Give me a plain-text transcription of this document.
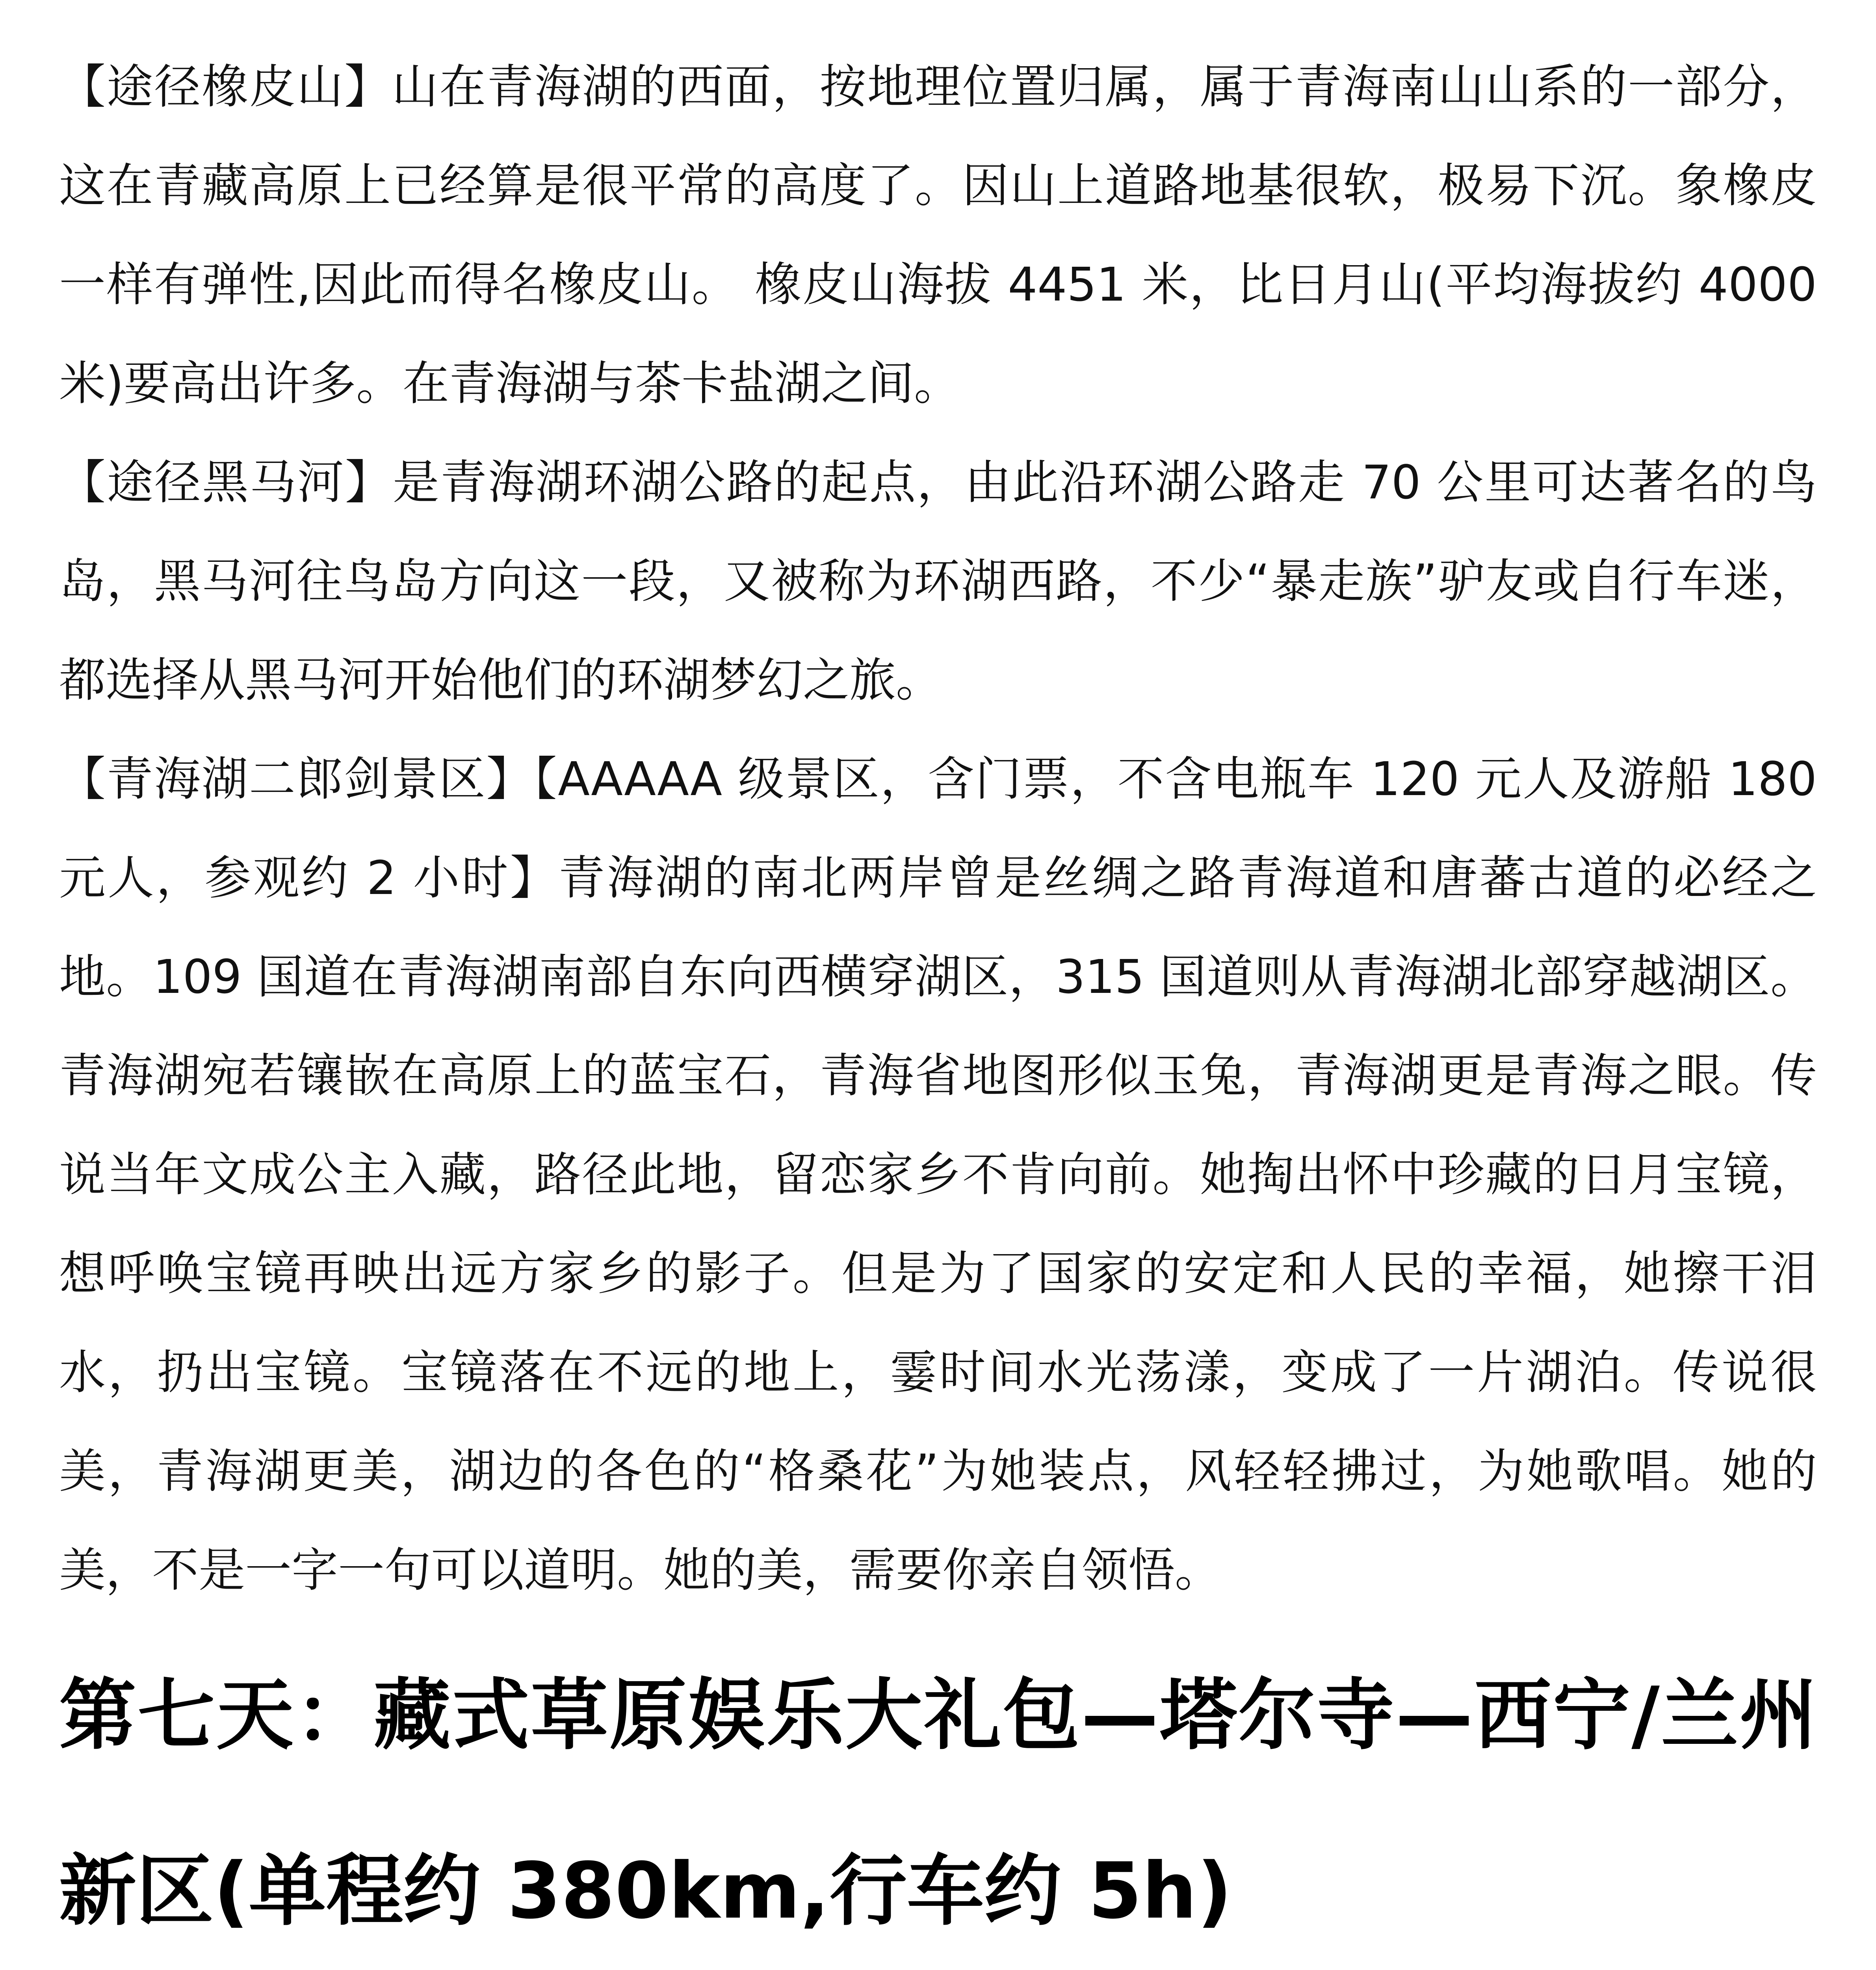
【途径橡皮山】山在青海湖的西面，按地理位置归属，属于青海南山山系的一部分，这在青藏高原上已经算是很平常的高度了。因山上道路地基很软，极易下沉。象橡皮一样有弹性,因此而得名橡皮山。 橡皮山海拔 4451 米，比日月山(平均海拔约 4000 米)要高出许多。在青海湖与茶卡盐湖之间。

【途径黑马河】是青海湖环湖公路的起点，由此沿环湖公路走 70 公里可达著名的鸟岛，黑马河往鸟岛方向这一段，又被称为环湖西路，不少“暴走族”驴友或自行车迷，都选择从黑马河开始他们的环湖梦幻之旅。

【青海湖二郎剑景区】【AAAAA 级景区，含门票，不含电瓶车 120 元人及游船 180 元人，参观约 2 小时】青海湖的南北两岸曾是丝绸之路青海道和唐蕃古道的必经之地。109 国道在青海湖南部自东向西横穿湖区，315 国道则从青海湖北部穿越湖区。青海湖宛若镶嵌在高原上的蓝宝石，青海省地图形似玉兔，青海湖更是青海之眼。传说当年文成公主入藏，路径此地，留恋家乡不肯向前。她掏出怀中珍藏的日月宝镜，想呼唤宝镜再映出远方家乡的影子。但是为了国家的安定和人民的幸福，她擦干泪水，扔出宝镜。宝镜落在不远的地上，霎时间水光荡漾，变成了一片湖泊。传说很美，青海湖更美，湖边的各色的“格桑花”为她装点，风轻轻拂过，为她歌唱。她的美，不是一字一句可以道明。她的美，需要你亲自领悟。

第七天：藏式草原娱乐大礼包—塔尔寺—西宁/兰州新区(单程约 380km,行车约 5h)
